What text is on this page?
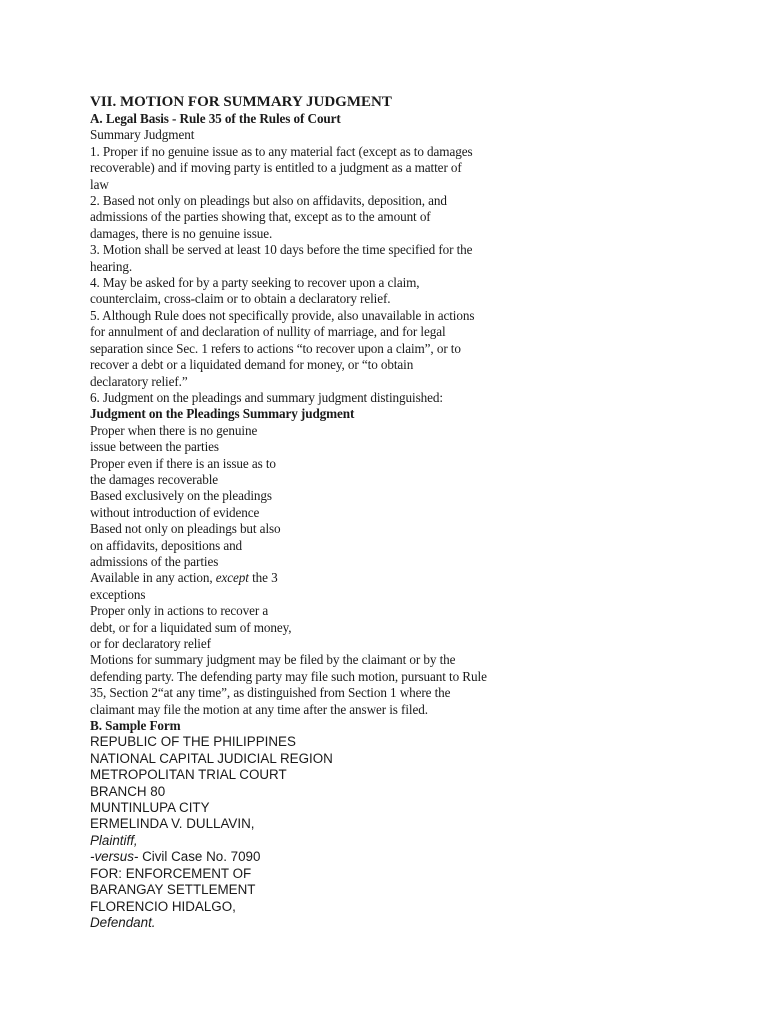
VII. MOTION FOR SUMMARY JUDGMENT
A. Legal Basis - Rule 35 of the Rules of Court
Summary Judgment
1. Proper if no genuine issue as to any material fact (except as to damages
recoverable) and if moving party is entitled to a judgment as a matter of
law
2. Based not only on pleadings but also on affidavits, deposition, and
admissions of the parties showing that, except as to the amount of
damages, there is no genuine issue.
3. Motion shall be served at least 10 days before the time specified for the
hearing.
4. May be asked for by a party seeking to recover upon a claim,
counterclaim, cross-claim or to obtain a declaratory relief.
5. Although Rule does not specifically provide, also unavailable in actions
for annulment of and declaration of nullity of marriage, and for legal
separation since Sec. 1 refers to actions “to recover upon a claim”, or to
recover a debt or a liquidated demand for money, or “to obtain
declaratory relief.”
6. Judgment on the pleadings and summary judgment distinguished:
Judgment on the Pleadings Summary judgment
Proper when there is no genuine
issue between the parties
Proper even if there is an issue as to
the damages recoverable
Based exclusively on the pleadings
without introduction of evidence
Based not only on pleadings but also
on affidavits, depositions and
admissions of the parties
Available in any action, except the 3
exceptions
Proper only in actions to recover a
debt, or for a liquidated sum of money,
or for declaratory relief
Motions for summary judgment may be filed by the claimant or by the
defending party. The defending party may file such motion, pursuant to Rule
35, Section 2“at any time”, as distinguished from Section 1 where the
claimant may file the motion at any time after the answer is filed.
B. Sample Form
REPUBLIC OF THE PHILIPPINES
NATIONAL CAPITAL JUDICIAL REGION
METROPOLITAN TRIAL COURT
BRANCH 80
MUNTINLUPA CITY
ERMELINDA V. DULLAVIN,
Plaintiff,
-versus- Civil Case No. 7090
FOR: ENFORCEMENT OF
BARANGAY SETTLEMENT
FLORENCIO HIDALGO,
Defendant.
